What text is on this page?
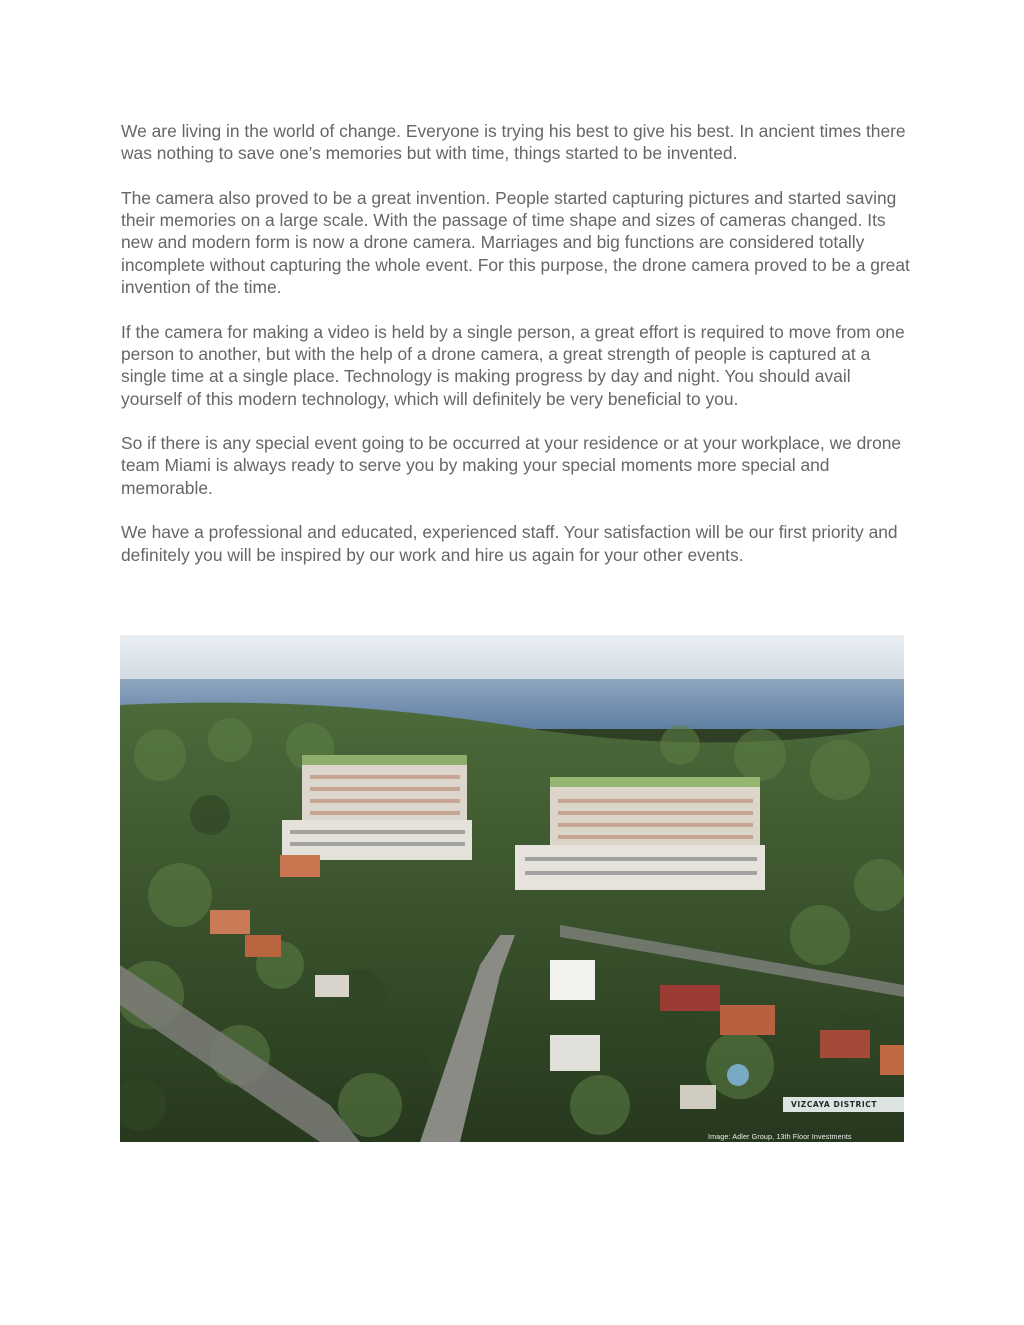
We are living in the world of change. Everyone is trying his best to give his best. In ancient times there was nothing to save one’s memories but with time, things started to be invented.

The camera also proved to be a great invention. People started capturing pictures and started saving their memories on a large scale. With the passage of time shape and sizes of cameras changed. Its new and modern form is now a drone camera. Marriages and big functions are considered totally incomplete without capturing the whole event. For this purpose, the drone camera proved to be a great invention of the time.

If the camera for making a video is held by a single person, a great effort is required to move from one person to another, but with the help of a drone camera, a great strength of people is captured at a single time at a single place. Technology is making progress by day and night. You should avail yourself of this modern technology, which will definitely be very beneficial to you.

So if there is any special event going to be occurred at your residence or at your workplace, we drone team Miami is always ready to serve you by making your special moments more special and memorable.

We have a professional and educated, experienced staff. Your satisfaction will be our first priority and definitely you will be inspired by our work and hire us again for your other events.

VIZCAYA DISTRICT
Image: Adler Group, 13th Floor Investments
